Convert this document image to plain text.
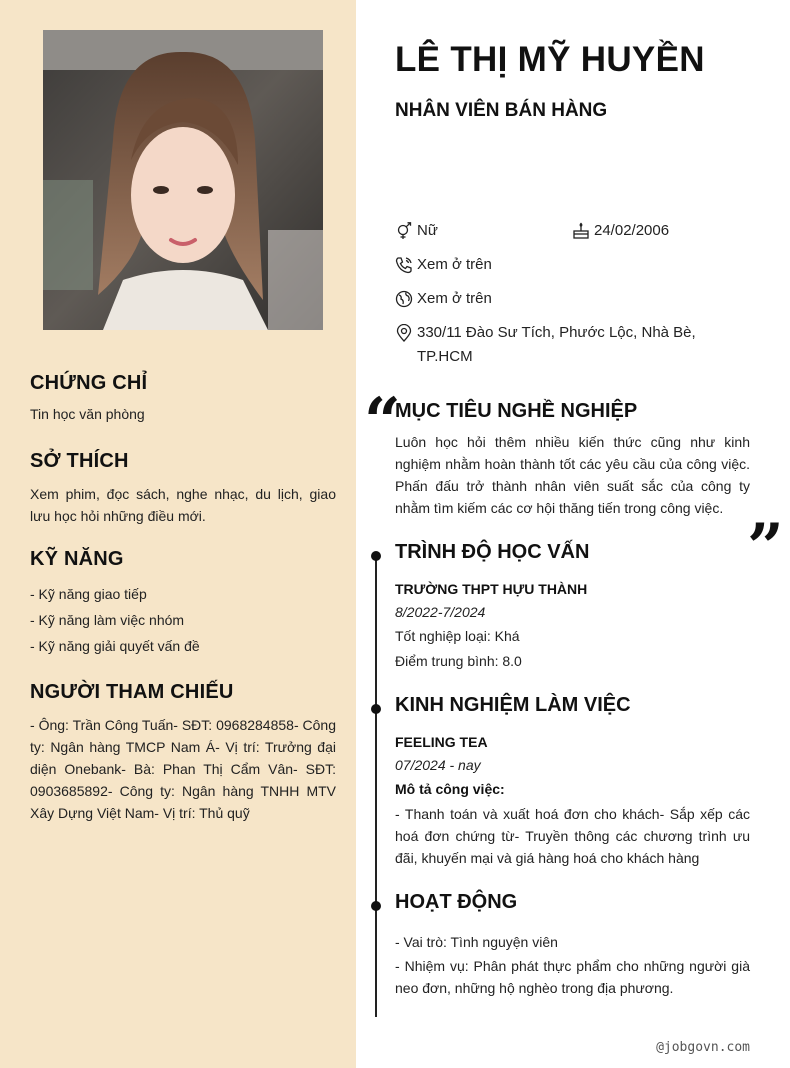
CHỨNG CHỈ
Tin học văn phòng
SỞ THÍCH
Xem phim, đọc sách, nghe nhạc, du lịch, giao lưu học hỏi những điều mới.
KỸ NĂNG
- Kỹ năng giao tiếp
- Kỹ năng làm việc nhóm
- Kỹ năng giải quyết vấn đề
NGƯỜI THAM CHIẾU
- Ông: Trần Công Tuấn- SĐT: 0968284858- Công ty: Ngân hàng TMCP Nam Á- Vị trí: Trưởng đại diện Onebank- Bà: Phan Thị Cẩm Vân- SĐT: 0903685892- Công ty: Ngân hàng TNHH MTV Xây Dựng Việt Nam- Vị trí: Thủ quỹ
LÊ THỊ MỸ HUYỀN
NHÂN VIÊN BÁN HÀNG
Nữ	24/02/2006
Xem ở trên
Xem ở trên
330/11 Đào Sư Tích, Phước Lộc, Nhà Bè, TP.HCM
“
”
MỤC TIÊU NGHỀ NGHIỆP
Luôn học hỏi thêm nhiều kiến thức cũng như kinh nghiệm nhằm hoàn thành tốt các yêu cầu của công việc. Phấn đấu trở thành nhân viên suất sắc của công ty nhằm tìm kiếm các cơ hội thăng tiến trong công việc.
TRÌNH ĐỘ HỌC VẤN
TRƯỜNG THPT HỰU THÀNH
8/2022-7/2024
Tốt nghiệp loại: Khá
Điểm trung bình: 8.0
KINH NGHIỆM LÀM VIỆC
FEELING TEA
07/2024 - nay
Mô tả công việc:
- Thanh toán và xuất hoá đơn cho khách- Sắp xếp các hoá đơn chứng từ- Truyền thông các chương trình ưu đãi, khuyến mại và giá hàng hoá cho khách hàng
HOẠT ĐỘNG
- Vai trò: Tình nguyện viên
- Nhiệm vụ: Phân phát thực phẩm cho những người già neo đơn, những hộ nghèo trong địa phương.
@jobgovn.com
